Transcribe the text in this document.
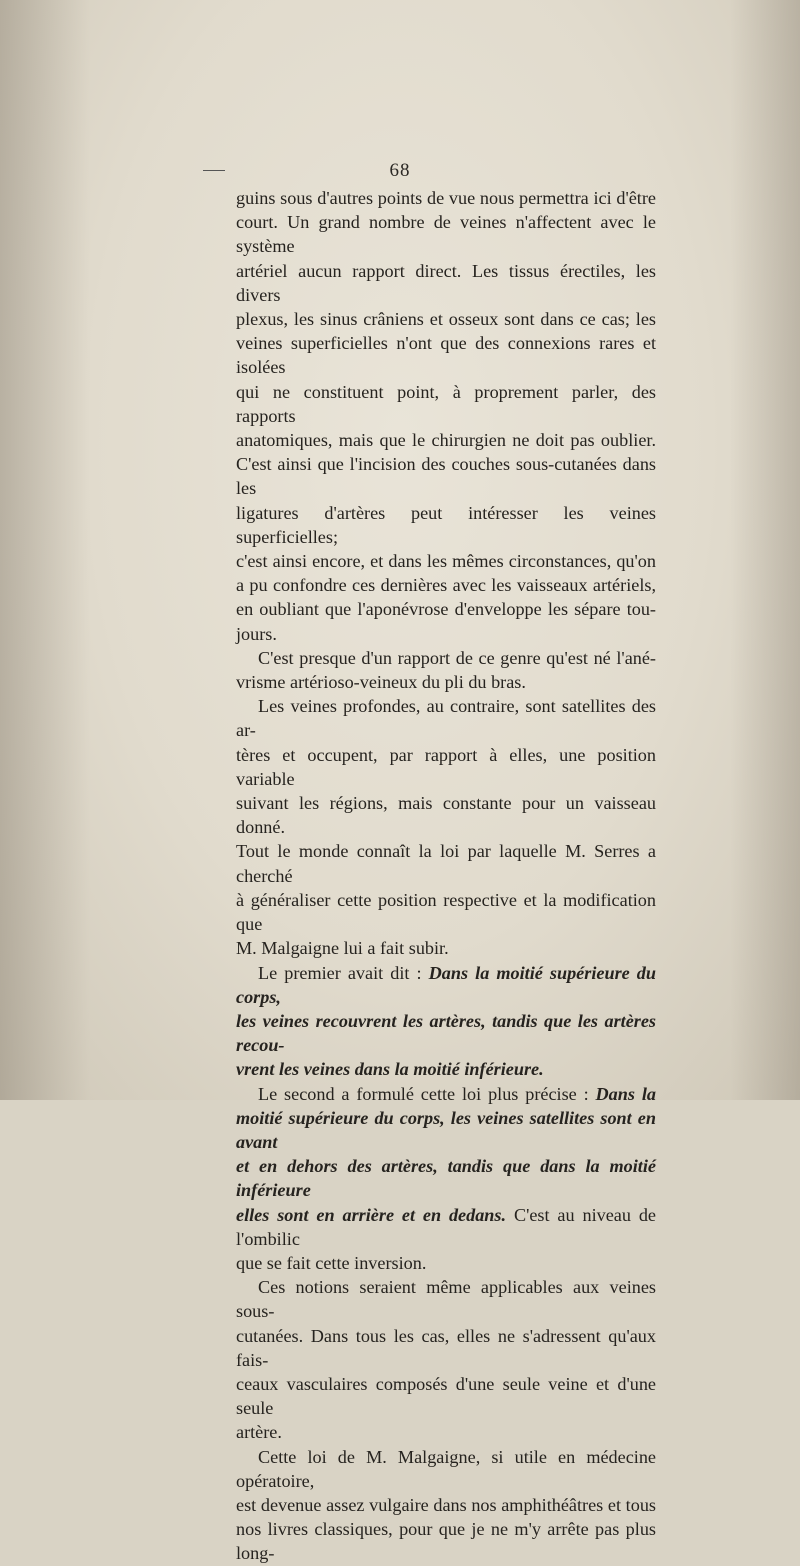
68

guins sous d'autres points de vue nous permettra ici d'être

court. Un grand nombre de veines n'affectent avec le système

artériel aucun rapport direct. Les tissus érectiles, les divers

plexus, les sinus crâniens et osseux sont dans ce cas; les

veines superficielles n'ont que des connexions rares et isolées

qui ne constituent point, à proprement parler, des rapports

anatomiques, mais que le chirurgien ne doit pas oublier.

C'est ainsi que l'incision des couches sous-cutanées dans les

ligatures d'artères peut intéresser les veines superficielles;

c'est ainsi encore, et dans les mêmes circonstances, qu'on

a pu confondre ces dernières avec les vaisseaux artériels,

en oubliant que l'aponévrose d'enveloppe les sépare tou-

jours.

C'est presque d'un rapport de ce genre qu'est né l'ané-

vrisme artérioso-veineux du pli du bras.

Les veines profondes, au contraire, sont satellites des ar-

tères et occupent, par rapport à elles, une position variable

suivant les régions, mais constante pour un vaisseau donné.

Tout le monde connaît la loi par laquelle M. Serres a cherché

à généraliser cette position respective et la modification que

M. Malgaigne lui a fait subir.

Le premier avait dit : Dans la moitié supérieure du corps,

les veines recouvrent les artères, tandis que les artères recou-

vrent les veines dans la moitié inférieure.

Le second a formulé cette loi plus précise : Dans la

moitié supérieure du corps, les veines satellites sont en avant

et en dehors des artères, tandis que dans la moitié inférieure

elles sont en arrière et en dedans. C'est au niveau de l'ombilic

que se fait cette inversion.

Ces notions seraient même applicables aux veines sous-

cutanées. Dans tous les cas, elles ne s'adressent qu'aux fais-

ceaux vasculaires composés d'une seule veine et d'une seule

artère.

Cette loi de M. Malgaigne, si utile en médecine opératoire,

est devenue assez vulgaire dans nos amphithéâtres et tous

nos livres classiques, pour que je ne m'y arrête pas plus long-
